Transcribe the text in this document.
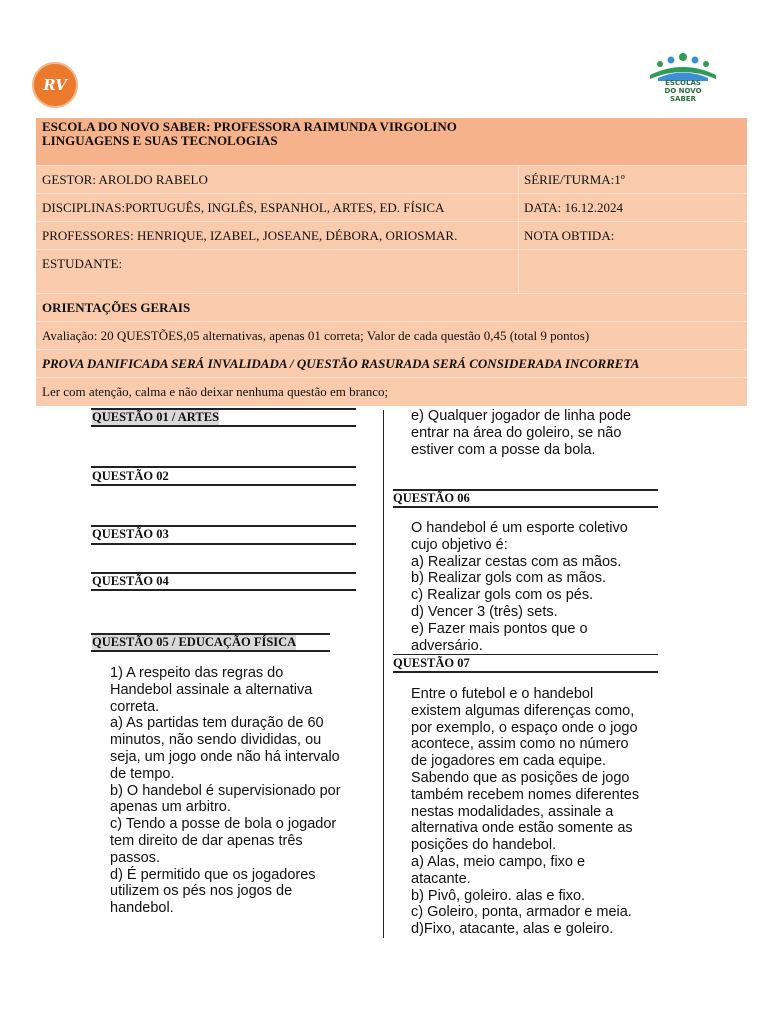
RV	ESCOLAS
DO NOVO
SABER

ESCOLA DO NOVO SABER: PROFESSORA RAIMUNDA VIRGOLINO
LINGUAGENS E SUAS TECNOLOGIAS
GESTOR: AROLDO RABELO	SÉRIE/TURMA:1º
DISCIPLINAS:PORTUGUÊS, INGLÊS, ESPANHOL, ARTES, ED. FÍSICA	DATA: 16.12.2024
PROFESSORES: HENRIQUE, IZABEL, JOSEANE, DÉBORA, ORIOSMAR.	NOTA OBTIDA:
ESTUDANTE:
ORIENTAÇÕES GERAIS
Avaliação: 20 QUESTÕES,05 alternativas, apenas 01 correta; Valor de cada questão 0,45 (total 9 pontos)
PROVA DANIFICADA SERÁ INVALIDADA / QUESTÃO RASURADA SERÁ CONSIDERADA INCORRETA
Ler com atenção, calma e não deixar nenhuma questão em branco;
QUESTÃO 01 / ARTES
QUESTÃO 02
QUESTÃO 03
QUESTÃO 04
QUESTÃO 05 / EDUCAÇÃO FÍSICA
1) A respeito das regras do
Handebol assinale a alternativa
correta.
a) As partidas tem duração de 60
minutos, não sendo divididas, ou
seja, um jogo onde não há intervalo
de tempo.
b) O handebol é supervisionado por
apenas um arbitro.
c) Tendo a posse de bola o jogador
tem direito de dar apenas três
passos.
d) É permitido que os jogadores
utilizem os pés nos jogos de
handebol.
e) Qualquer jogador de linha pode
entrar na área do goleiro, se não
estiver com a posse da bola.
QUESTÃO 06
O handebol é um esporte coletivo
cujo objetivo é:
a) Realizar cestas com as mãos.
b) Realizar gols com as mãos.
c) Realizar gols com os pés.
d) Vencer 3 (três) sets.
e) Fazer mais pontos que o
adversário.
QUESTÃO 07
Entre o futebol e o handebol
existem algumas diferenças como,
por exemplo, o espaço onde o jogo
acontece, assim como no número
de jogadores em cada equipe.
Sabendo que as posições de jogo
também recebem nomes diferentes
nestas modalidades, assinale a
alternativa onde estão somente as
posições do handebol.
a) Alas, meio campo, fixo e
atacante.
b) Pivô, goleiro. alas e fixo.
c) Goleiro, ponta, armador e meia.
d)Fixo, atacante, alas e goleiro.
